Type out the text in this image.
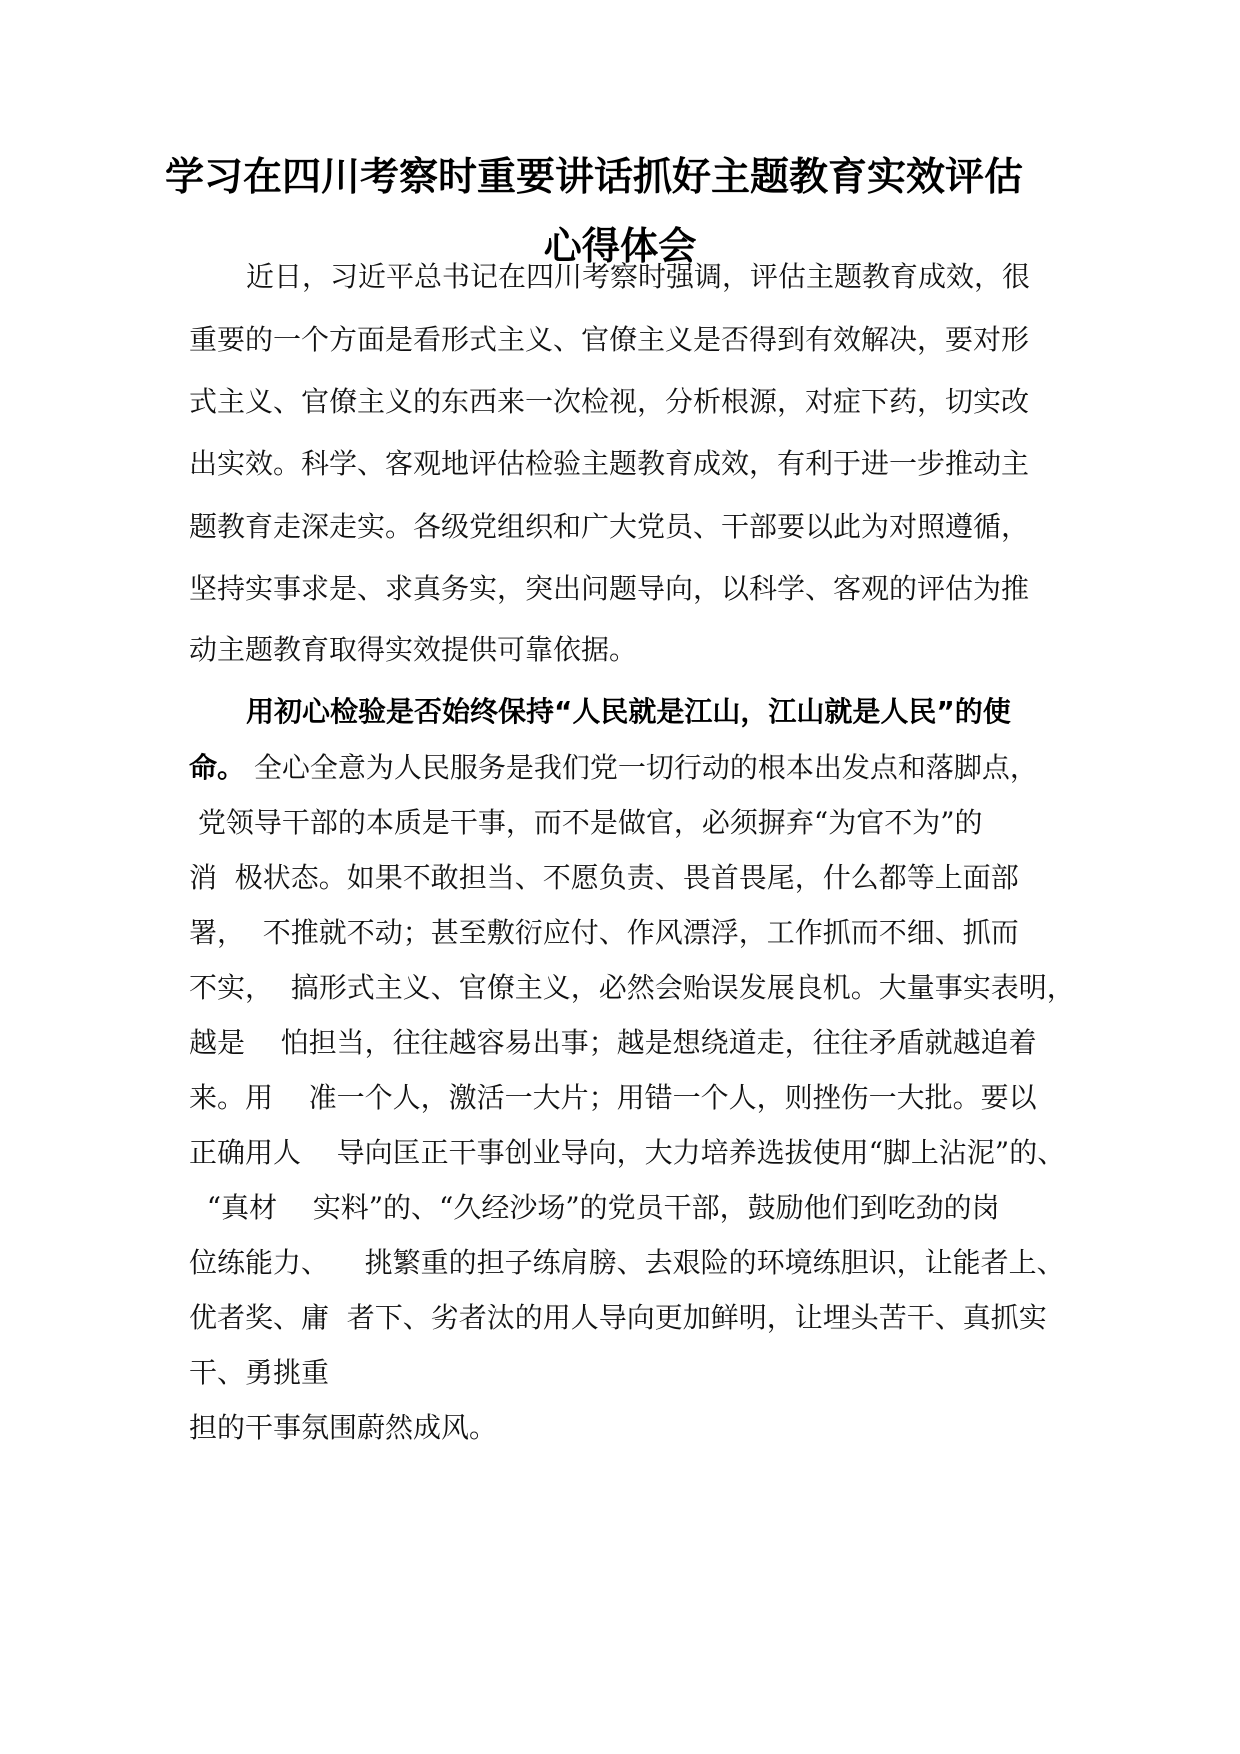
学习在四川考察时重要讲话抓好主题教育实效评估
心得体会
近日，习近平总书记在四川考察时强调，评估主题教育成效，很
重要的一个方面是看形式主义、官僚主义是否得到有效解决，要对形
式主义、官僚主义的东西来一次检视，分析根源，对症下药，切实改
出实效。科学、客观地评估检验主题教育成效，有利于进一步推动主
题教育走深走实。各级党组织和广大党员、干部要以此为对照遵循，
坚持实事求是、求真务实，突出问题导向，以科学、客观的评估为推
动主题教育取得实效提供可靠依据。
用初心检验是否始终保持“人民就是江山，江山就是人民”的使
命。 全心全意为人民服务是我们党一切行动的根本出发点和落脚点，
党领导干部的本质是干事，而不是做官，必须摒弃“为官不为”的
消  极状态。如果不敢担当、不愿负责、畏首畏尾，什么都等上面部
署，  不推就不动；甚至敷衍应付、作风漂浮，工作抓而不细、抓而
不实，  搞形式主义、官僚主义，必然会贻误发展良机。大量事实表明，
越是    怕担当，往往越容易出事；越是想绕道走，往往矛盾就越追着
来。用    准一个人，激活一大片；用错一个人，则挫伤一大批。要以
正确用人    导向匡正干事创业导向，大力培养选拔使用“脚上沾泥”的、
“真材    实料”的、“久经沙场”的党员干部，鼓励他们到吃劲的岗
位练能力、    挑繁重的担子练肩膀、去艰险的环境练胆识，让能者上、
优者奖、庸  者下、劣者汰的用人导向更加鲜明，让埋头苦干、真抓实
干、勇挑重
担的干事氛围蔚然成风。
